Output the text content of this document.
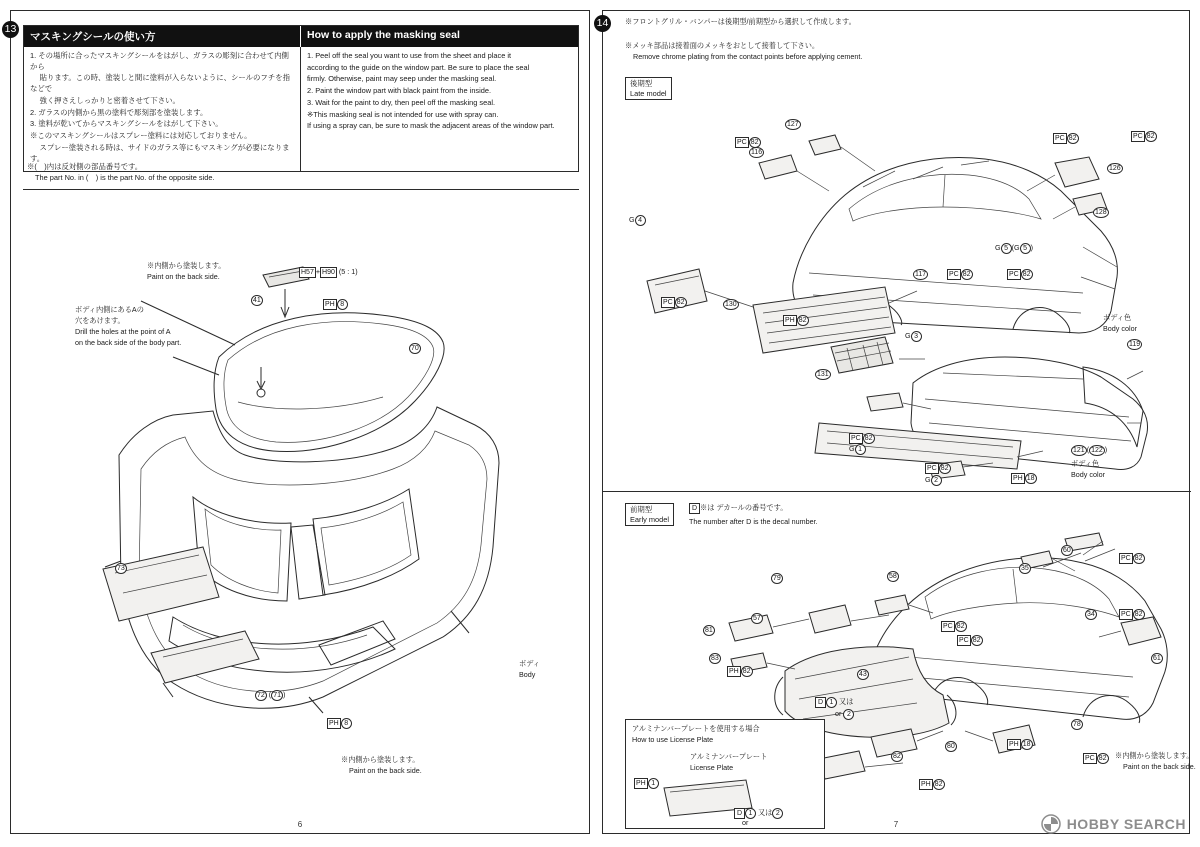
13
マスキングシールの使い方	How to apply the masking seal

1. その場所に合ったマスキングシールをはがし、ガラスの彫刻に合わせて内側から

　 貼ります。この時、塗装しと間に塗料が入らないように、シールのフチを指などで

　 強く押さえしっかりと密着させて下さい。

2. ガラスの内側から黒の塗料で彫刻部を塗装します。

3. 塗料が乾いてからマスキングシールをはがして下さい。

※このマスキングシールはスプレー塗料には対応しておりません。

　 スプレー塗装される時は、サイドのガラス等にもマスキングが必要になります。

1. Peel off the seal you want to use from the sheet and place it

according to the guide on the window part. Be sure to place the seal

firmly. Otherwise, paint may seep under the masking seal.

2. Paint the window part with black paint from the inside.

3. Wait for the paint to dry, then peel off the masking seal.

※This masking seal is not intended for use with spray can.

If using a spray can, be sure to mask the adjacent areas of the window part.

※(　)内は反対側の部品番号です。

The part No. in (　) is the part No. of the opposite side.

※内側から塗装します。
Paint on the back side.	H57 + H90 (5 : 1)
41
PH 8
ボディ内側にあるAの
穴をあけます。
Drill the holes at the point of A
on the back side of the body part.
70
73
72 ( 71 )
PH 8
ボディ
Body
※内側から塗装します。
Paint on the back side.
6
14	※フロントグリル・バンパーは後期型/前期型から選択して作成します。
※メッキ部品は接着面のメッキをおとして接着して下さい。
Remove chrome plating from the contact points before applying cement.
後期型
Late model
127
PC 82
116
PC 82
126
PC 82
128
G 4
PC 82	130
PH 82
G 3
117	PC 82
G 5 (G 5 )
PC 82
ボディ色
Body color
119
131
PC 82
G 1
PC 82
G 2
121 ( 122 )
ボディ色
Body color
PH 18
前期型
Early model
D ※は デカールの番号です。
The number after D is the decal number.
79	58
60
35
PC 82
34	PC 82
81
57
83
PH 82	43
PC 82
PC 82
D 1 又は
or 2
82
PH 82
80	PH 18
78
61
PC 82 ※内側から塗装します。
Paint on the back side.
アルミナンバープレートを使用する場合
How to use License Plate
アルミナンバープレート
License Plate
PH 1
D 1 又は 2
or	7	HOBBY SEARCH
